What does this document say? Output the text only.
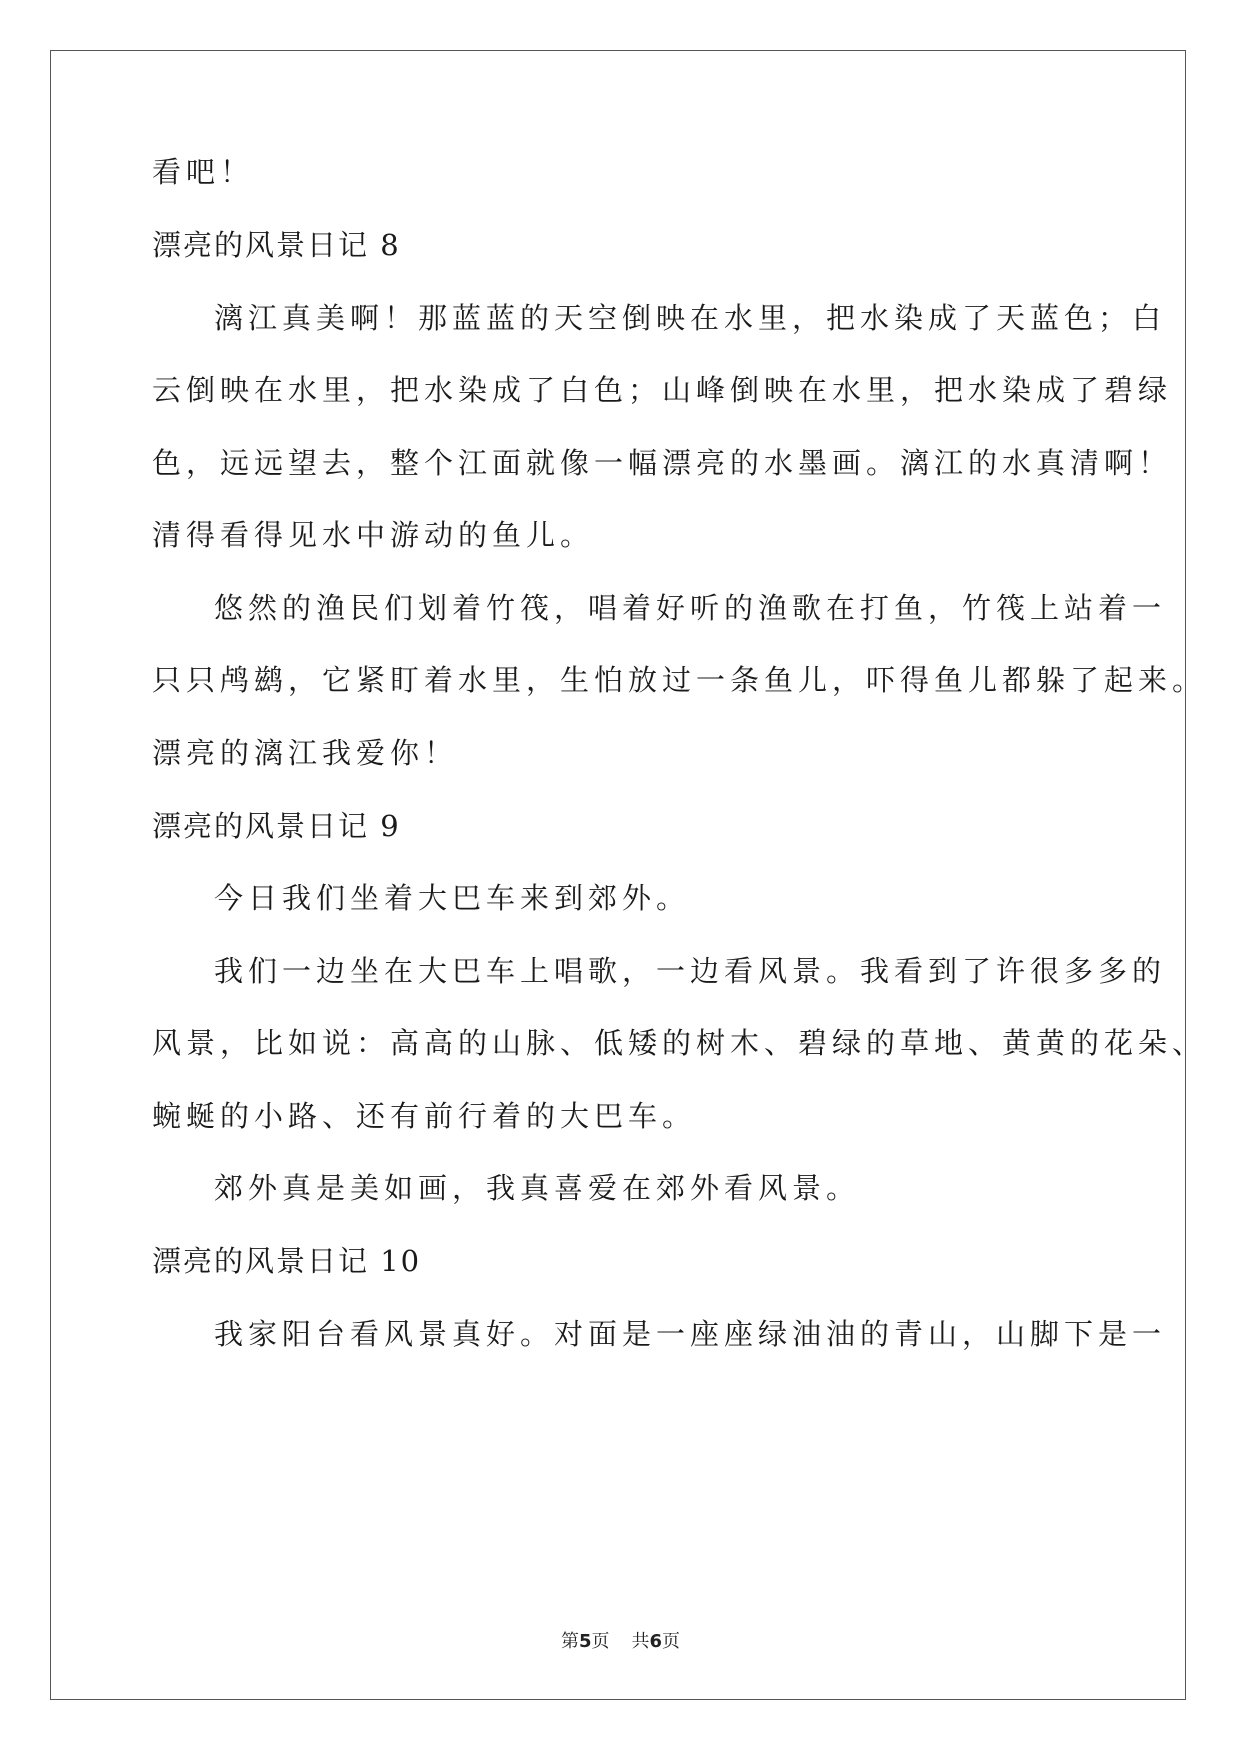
看吧！
漂亮的风景日记 8
漓江真美啊！那蓝蓝的天空倒映在水里，把水染成了天蓝色；白
云倒映在水里，把水染成了白色；山峰倒映在水里，把水染成了碧绿
色，远远望去，整个江面就像一幅漂亮的水墨画。漓江的水真清啊！
清得看得见水中游动的鱼儿。
悠然的渔民们划着竹筏，唱着好听的渔歌在打鱼，竹筏上站着一
只只鸬鹚，它紧盯着水里，生怕放过一条鱼儿，吓得鱼儿都躲了起来。
漂亮的漓江我爱你！
漂亮的风景日记 9
今日我们坐着大巴车来到郊外。
我们一边坐在大巴车上唱歌，一边看风景。我看到了许很多多的
风景，比如说：高高的山脉、低矮的树木、碧绿的草地、黄黄的花朵、
蜿蜒的小路、还有前行着的大巴车。
郊外真是美如画，我真喜爱在郊外看风景。
漂亮的风景日记 10
我家阳台看风景真好。对面是一座座绿油油的青山，山脚下是一
第5页 共6页
